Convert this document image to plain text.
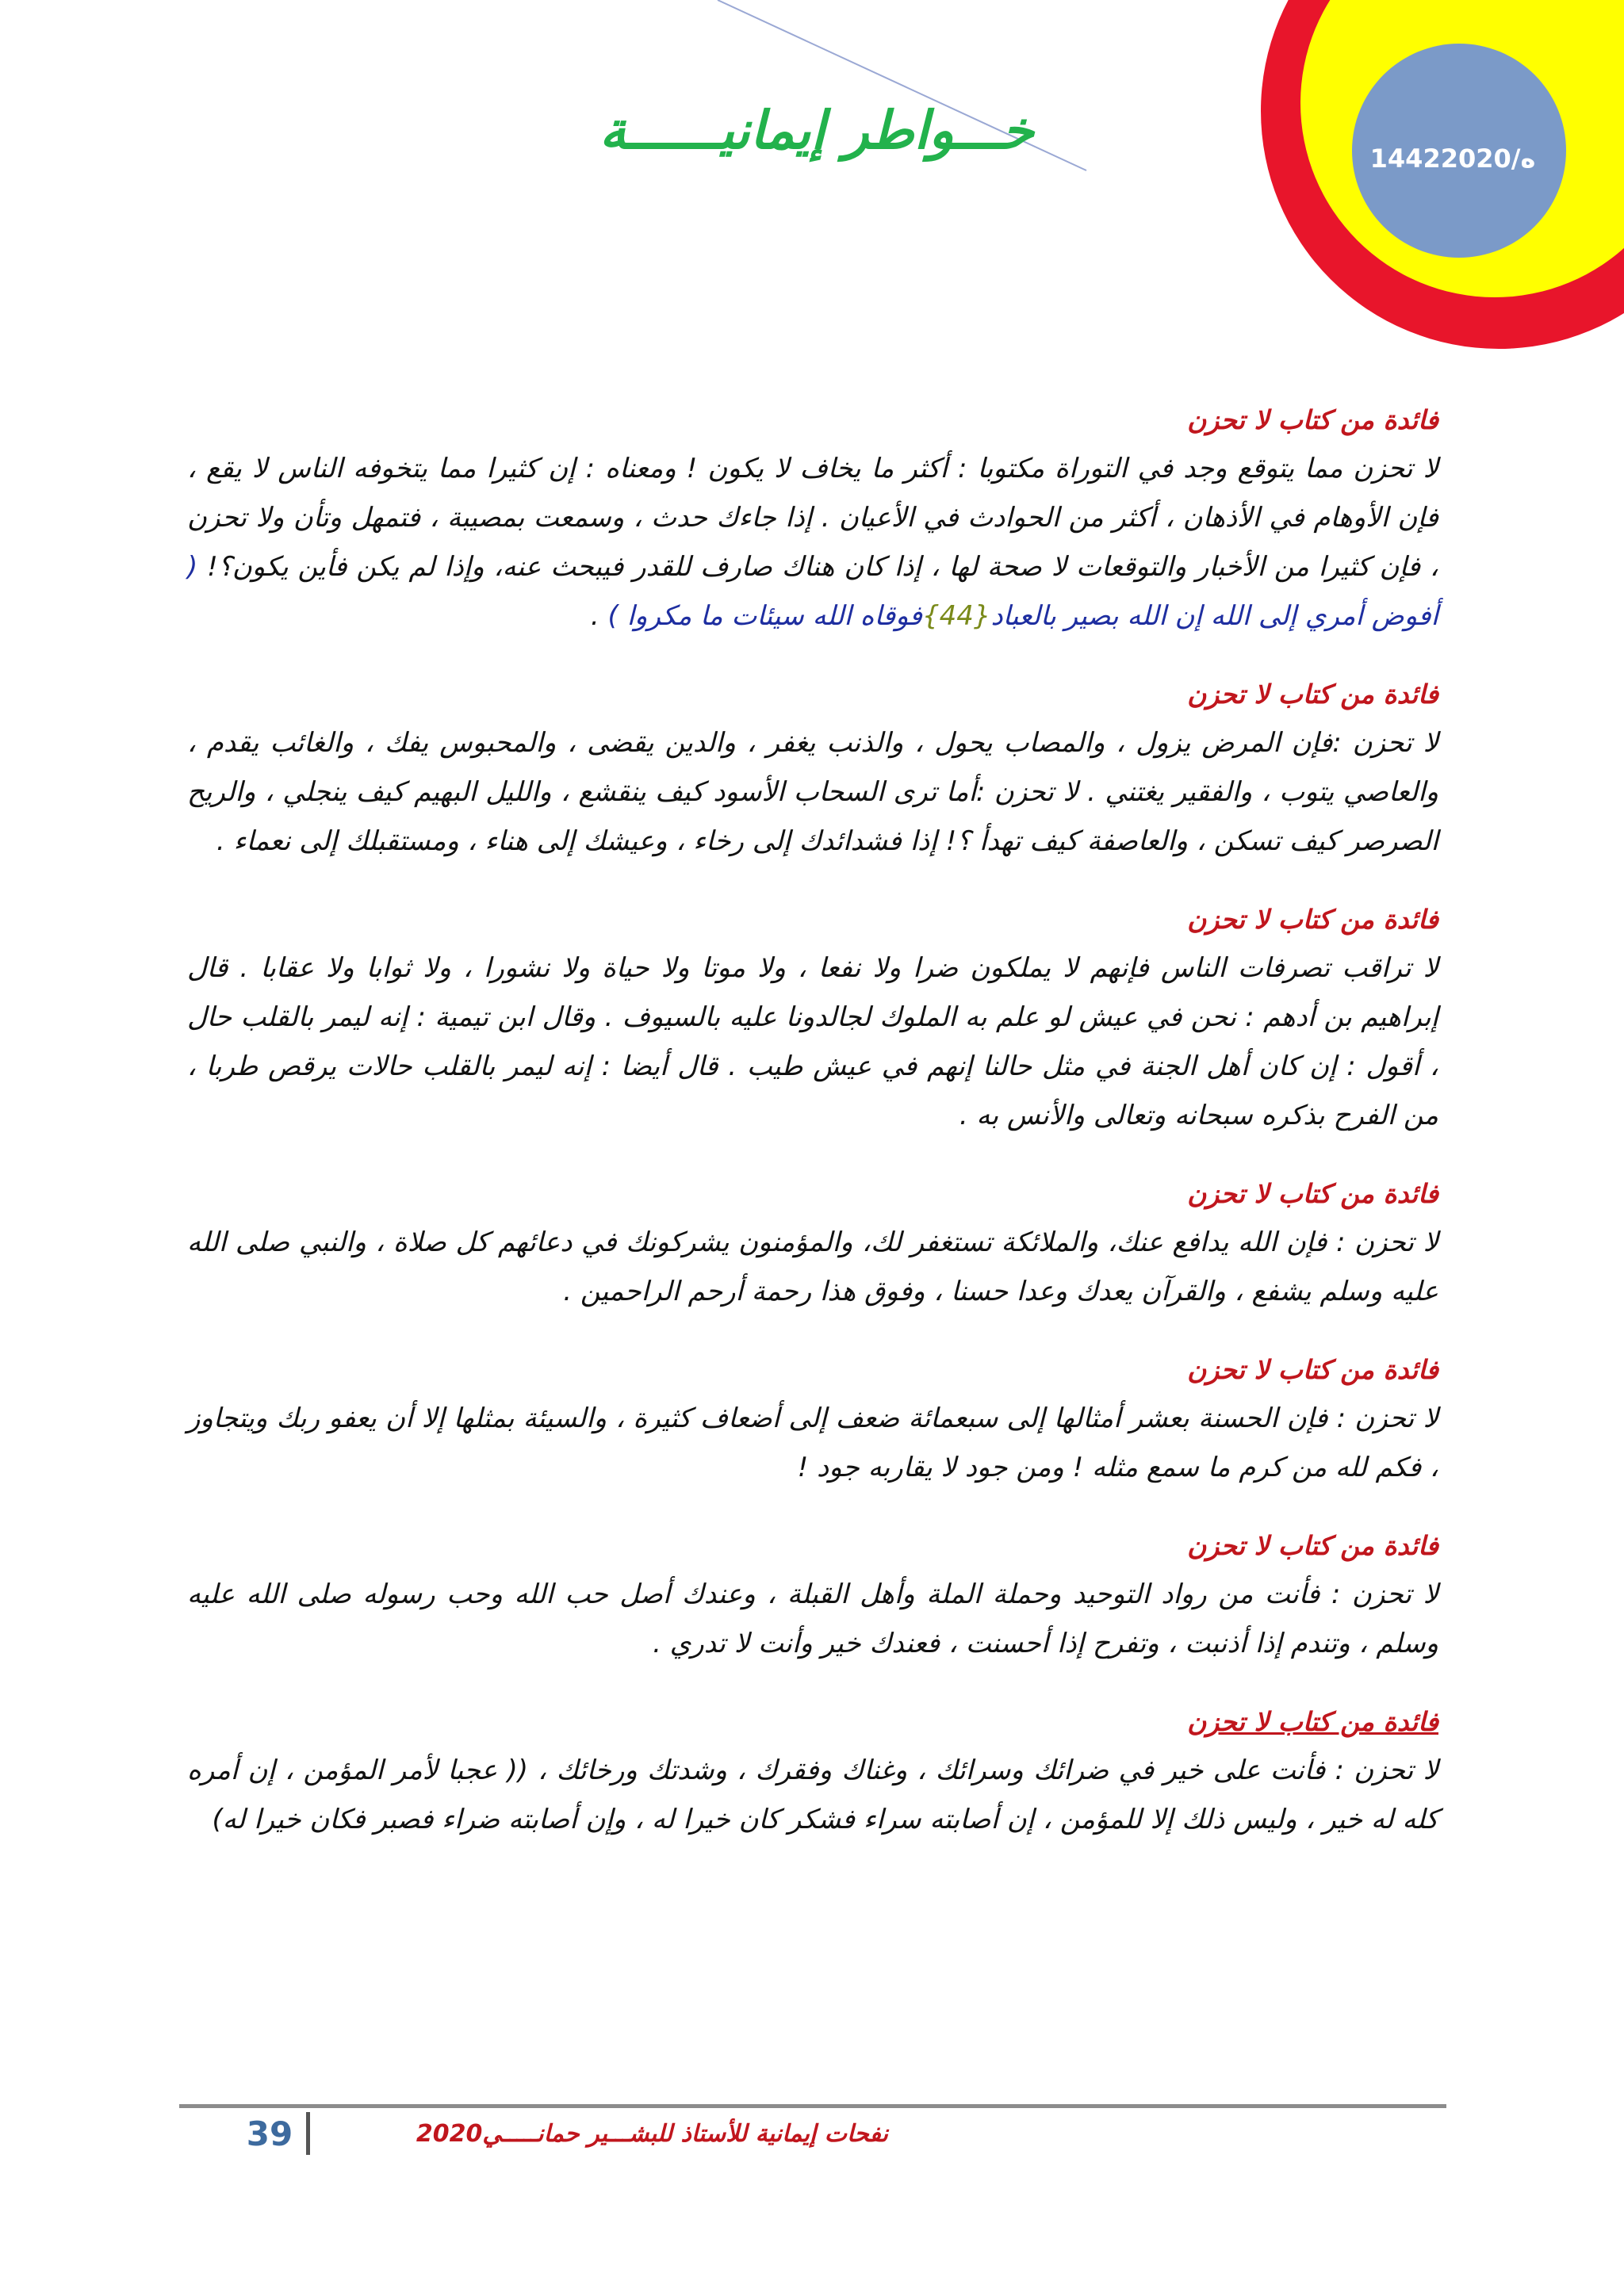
خـــواطر إيمانيــــــة	1442ه/2020
فائدة من كتاب لا تحزن

لا تحزن مما يتوقع وجد في التوراة مكتوبا : أكثر ما يخاف لا يكون ! ومعناه : إن كثيرا مما يتخوفه الناس لا يقع ، فإن الأوهام في الأذهان ، أكثر من الحوادث في الأعيان . إذا جاءك حدث ، وسمعت بمصيبة ، فتمهل وتأن ولا تحزن ، فإن كثيرا من الأخبار والتوقعات لا صحة لها ، إذا كان هناك صارف للقدر فيبحث عنه، وإذا لم يكن فأين يكون؟! ( أفوض أمري إلى الله إن الله بصير بالعباد{44}فوقاه الله سيئات ما مكروا ) .

فائدة من كتاب لا تحزن

لا تحزن :فإن المرض يزول ، والمصاب يحول ، والذنب يغفر ، والدين يقضى ، والمحبوس يفك ، والغائب يقدم ، والعاصي يتوب ، والفقير يغتني . لا تحزن :أما ترى السحاب الأسود كيف ينقشع ، والليل البهيم كيف ينجلي ، والريح الصرصر كيف تسكن ، والعاصفة كيف تهدأ ؟! إذا فشدائدك إلى رخاء ، وعيشك إلى هناء ، ومستقبلك إلى نعماء .

فائدة من كتاب لا تحزن

لا تراقب تصرفات الناس فإنهم لا يملكون ضرا ولا نفعا ، ولا موتا ولا حياة ولا نشورا ، ولا ثوابا ولا عقابا . قال إبراهيم بن أدهم : نحن في عيش لو علم به الملوك لجالدونا عليه بالسيوف . وقال ابن تيمية : إنه ليمر بالقلب حال ، أقول : إن كان أهل الجنة في مثل حالنا إنهم في عيش طيب . قال أيضا : إنه ليمر بالقلب حالات يرقص طربا ، من الفرح بذكره سبحانه وتعالى والأنس به .

فائدة من كتاب لا تحزن

لا تحزن : فإن الله يدافع عنك، والملائكة تستغفر لك، والمؤمنون يشركونك في دعائهم كل صلاة ، والنبي صلى الله عليه وسلم يشفع ، والقرآن يعدك وعدا حسنا ، وفوق هذا رحمة أرحم الراحمين .

فائدة من كتاب لا تحزن

لا تحزن : فإن الحسنة بعشر أمثالها إلى سبعمائة ضعف إلى أضعاف كثيرة ، والسيئة بمثلها إلا أن يعفو ربك ويتجاوز ، فكم لله من كرم ما سمع مثله ! ومن جود لا يقاربه جود !

فائدة من كتاب لا تحزن

لا تحزن : فأنت من رواد التوحيد وحملة الملة وأهل القبلة ، وعندك أصل حب الله وحب رسوله صلى الله عليه وسلم ، وتندم إذا أذنبت ، وتفرح إذا أحسنت ، فعندك خير وأنت لا تدري .

فائدة من كتاب لا تحزن

لا تحزن : فأنت على خير في ضرائك وسرائك ، وغناك وفقرك ، وشدتك ورخائك ، (( عجبا لأمر المؤمن ، إن أمره كله له خير ، وليس ذلك إلا للمؤمن ، إن أصابته سراء فشكر كان خيرا له ، وإن أصابته ضراء فصبر فكان خيرا له)

39	نفحات إيمانية للأستاذ للبشـــير حمانـــــي2020
